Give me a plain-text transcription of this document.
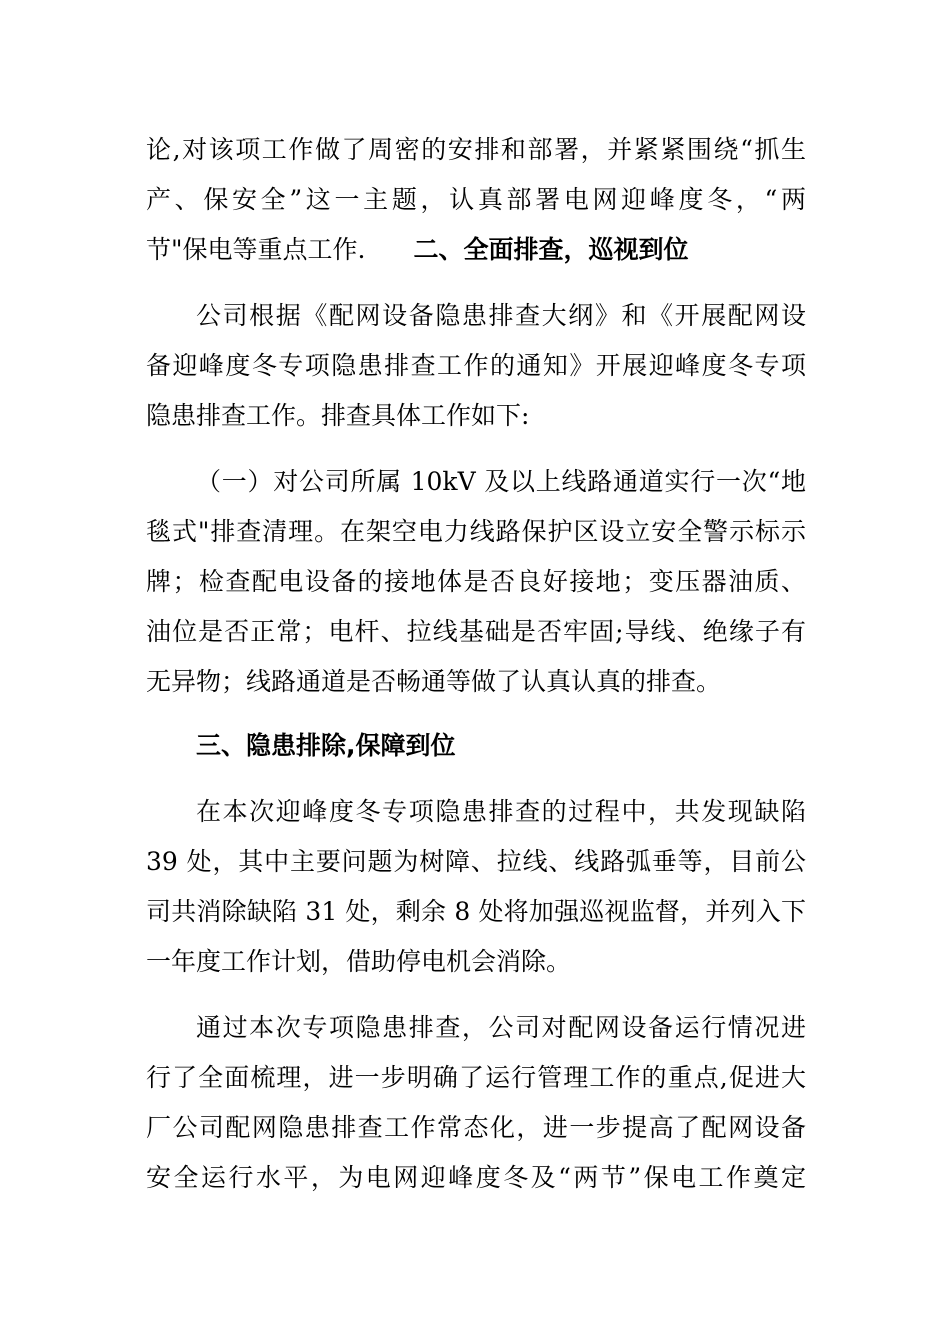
论,对该项工作做了周密的安排和部署，并紧紧围绕“抓生
产、保安全”这一主题，认真部署电网迎峰度冬，“两
节"保电等重点工作. 二、全面排查，巡视到位
公司根据《配网设备隐患排查大纲》和《开展配网设
备迎峰度冬专项隐患排查工作的通知》开展迎峰度冬专项
隐患排查工作。排查具体工作如下:
（一）对公司所属 10kV 及以上线路通道实行一次“地
毯式"排查清理。在架空电力线路保护区设立安全警示标示
牌；检查配电设备的接地体是否良好接地；变压器油质、
油位是否正常；电杆、拉线基础是否牢固;导线、绝缘子有
无异物；线路通道是否畅通等做了认真认真的排查。
三、隐患排除,保障到位
在本次迎峰度冬专项隐患排查的过程中，共发现缺陷
39 处，其中主要问题为树障、拉线、线路弧垂等，目前公
司共消除缺陷 31 处，剩余 8 处将加强巡视监督，并列入下
一年度工作计划，借助停电机会消除。
通过本次专项隐患排查，公司对配网设备运行情况进
行了全面梳理，进一步明确了运行管理工作的重点,促进大
厂公司配网隐患排查工作常态化，进一步提高了配网设备
安全运行水平，为电网迎峰度冬及“两节”保电工作奠定
